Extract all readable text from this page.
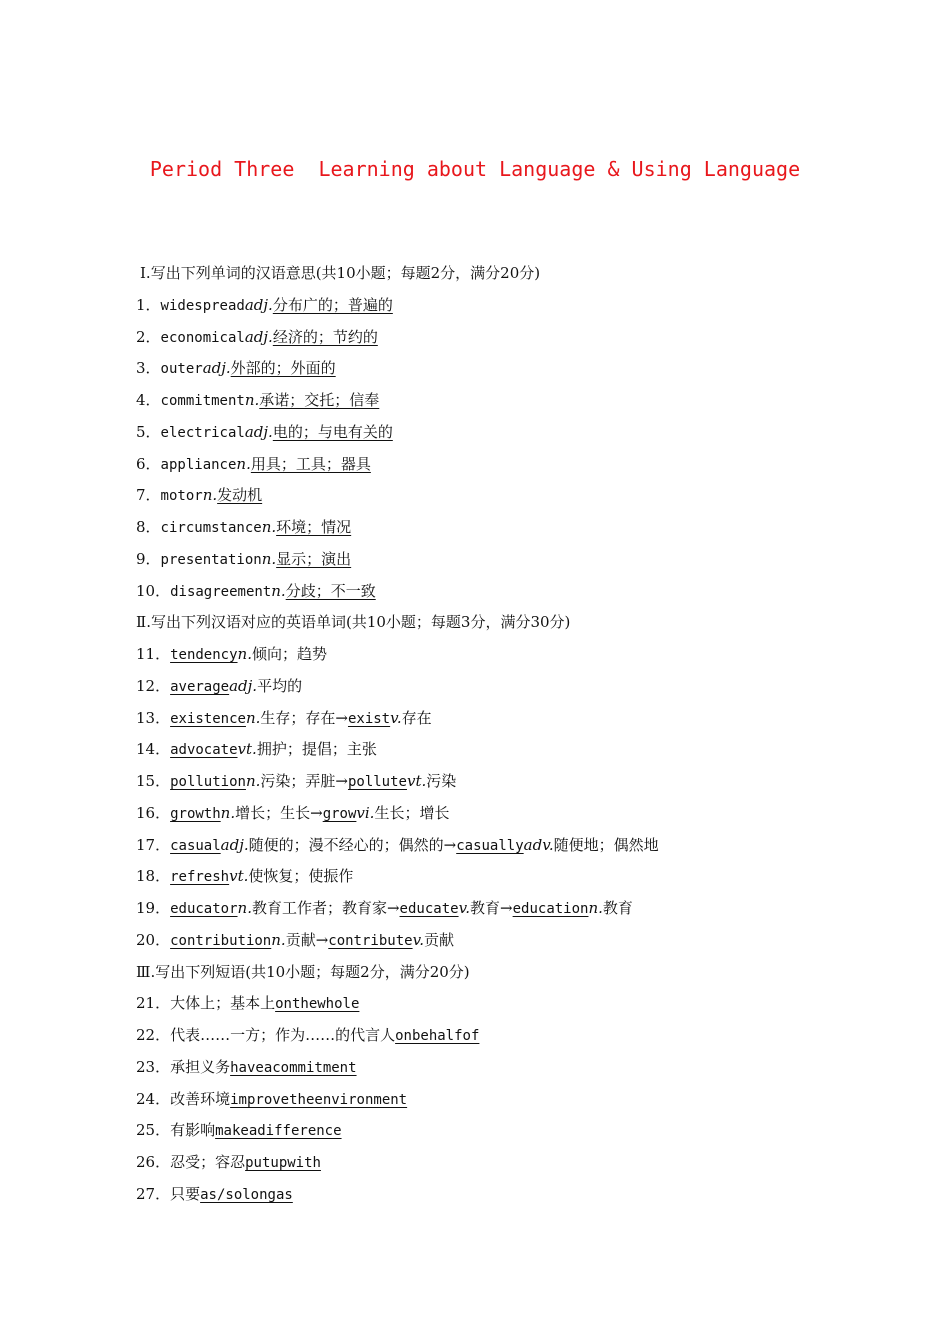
Period Three  Learning about Language & Using Language
Ⅰ.写出下列单词的汉语意思(共10小题；每题2分，满分20分)
1．widespreadadj.分布广的；普遍的
2．economicaladj.经济的；节约的
3．outeradj.外部的；外面的
4．commitmentn.承诺；交托；信奉
5．electricaladj.电的；与电有关的
6．appliancen.用具；工具；器具
7．motorn.发动机
8．circumstancen.环境；情况
9．presentationn.显示；演出
10．disagreementn.分歧；不一致
Ⅱ.写出下列汉语对应的英语单词(共10小题；每题3分，满分30分)
11．tendencyn.倾向；趋势
12．averageadj.平均的
13．existencen.生存；存在→existv.存在
14．advocatevt.拥护；提倡；主张
15．pollutionn.污染；弄脏→pollutevt.污染
16．growthn.增长；生长→growvi.生长；增长
17．casualadj.随便的；漫不经心的；偶然的→casuallyadv.随便地；偶然地
18．refreshvt.使恢复；使振作
19．educatorn.教育工作者；教育家→educatev.教育→educationn.教育
20．contributionn.贡献→contributev.贡献
Ⅲ.写出下列短语(共10小题；每题2分，满分20分)
21．大体上；基本上onthewhole
22．代表……一方；作为……的代言人onbehalfof
23．承担义务haveacommitment
24．改善环境improvetheenvironment
25．有影响makeadifference
26．忍受；容忍putupwith
27．只要as/solongas
